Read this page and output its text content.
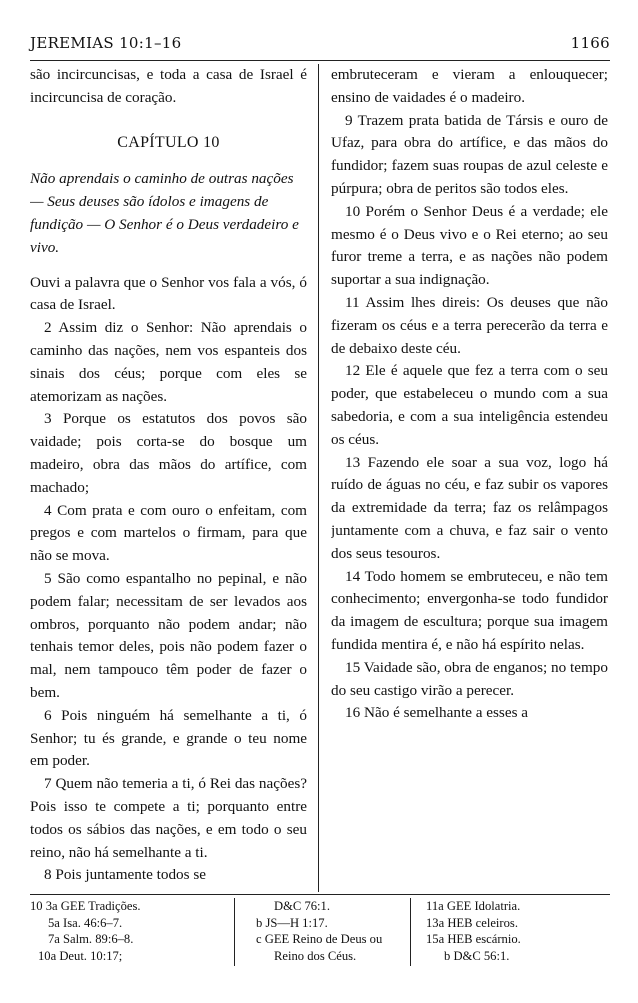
JEREMIAS 10:1–16	1166

são incircuncisas, e toda a casa de Israel é incircuncisa de coração.

CAPÍTULO 10

Não aprendais o caminho de outras nações — Seus deuses são ídolos e imagens de fundição — O Senhor é o Deus verdadeiro e vivo.

Ouvi a palavra que o Senhor vos fala a vós, ó casa de Israel.

2 Assim diz o Senhor: Não aprendais o caminho das nações, nem vos espanteis dos sinais dos céus; porque com eles se atemorizam as nações.

3 Porque os estatutos dos povos são vaidade; pois corta-se do bosque um madeiro, obra das mãos do artífice, com machado;

4 Com prata e com ouro o enfeitam, com pregos e com martelos o firmam, para que não se mova.

5 São como espantalho no pepinal, e não podem falar; necessitam de ser levados aos ombros, porquanto não podem andar; não tenhais temor deles, pois não podem fazer o mal, nem tampouco têm poder de fazer o bem.

6 Pois ninguém há semelhante a ti, ó Senhor; tu és grande, e grande o teu nome em poder.

7 Quem não temeria a ti, ó Rei das nações? Pois isso te compete a ti; porquanto entre todos os sábios das nações, e em todo o seu reino, não há semelhante a ti.

8 Pois juntamente todos se

embruteceram e vieram a enlouquecer; ensino de vaidades é o madeiro.

9 Trazem prata batida de Társis e ouro de Ufaz, para obra do artífice, e das mãos do fundidor; fazem suas roupas de azul celeste e púrpura; obra de peritos são todos eles.

10 Porém o Senhor Deus é a verdade; ele mesmo é o Deus vivo e o Rei eterno; ao seu furor treme a terra, e as nações não podem suportar a sua indignação.

11 Assim lhes direis: Os deuses que não fizeram os céus e a terra perecerão da terra e de debaixo deste céu.

12 Ele é aquele que fez a terra com o seu poder, que estabeleceu o mundo com a sua sabedoria, e com a sua inteligência estendeu os céus.

13 Fazendo ele soar a sua voz, logo há ruído de águas no céu, e faz subir os vapores da extremidade da terra; faz os relâmpagos juntamente com a chuva, e faz sair o vento dos seus tesouros.

14 Todo homem se embruteceu, e não tem conhecimento; envergonha-se todo fundidor da imagem de escultura; porque sua imagem fundida mentira é, e não há espírito nelas.

15 Vaidade são, obra de enganos; no tempo do seu castigo virão a perecer.

16 Não é semelhante a esses a

10 3a GEE Tradições.
5a Isa. 46:6–7.
7a Salm. 89:6–8.
10a Deut. 10:17;
D&C 76:1.
b JS—H 1:17.
c GEE Reino de Deus ou
Reino dos Céus.
11a GEE Idolatria.
13a HEB celeiros.
15a HEB escárnio.
b D&C 56:1.
